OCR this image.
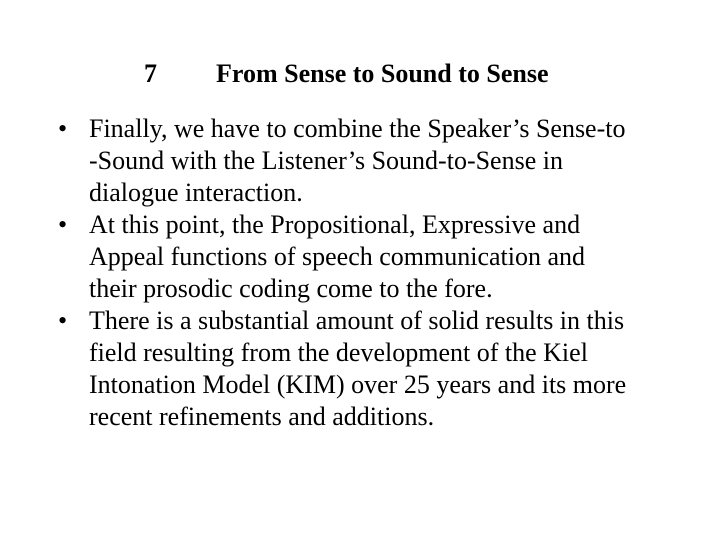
7 From Sense to Sound to Sense
• Finally, we have to combine the Speaker’s Sense-to
-Sound with the Listener’s Sound-to-Sense in
dialogue interaction.
• At this point, the Propositional, Expressive and
Appeal functions of speech communication and
their prosodic coding come to the fore.
• There is a substantial amount of solid results in this
field resulting from the development of the Kiel
Intonation Model (KIM) over 25 years and its more
recent refinements and additions.
